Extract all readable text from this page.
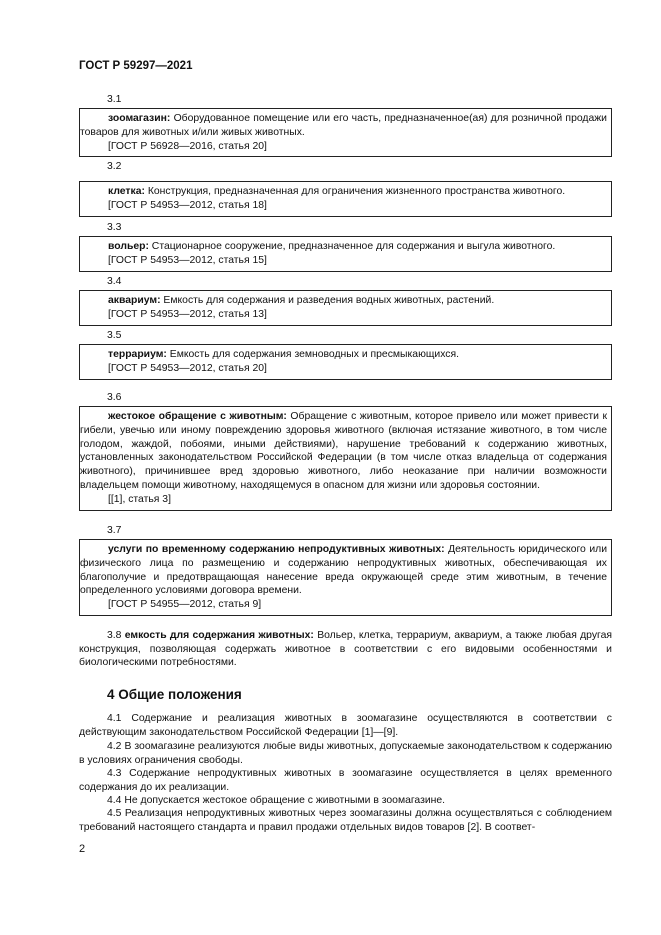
ГОСТ Р 59297—2021
3.1

зоомагазин: Оборудованное помещение или его часть, предназначенное(ая) для розничной продажи товаров для животных и/или живых животных.

[ГОСТ Р 56928—2016, статья 20]

3.2

клетка: Конструкция, предназначенная для ограничения жизненного пространства животного.

[ГОСТ Р 54953—2012, статья 18]

3.3

вольер: Стационарное сооружение, предназначенное для содержания и выгула животного.

[ГОСТ Р 54953—2012, статья 15]

3.4

аквариум: Емкость для содержания и разведения водных животных, растений.

[ГОСТ Р 54953—2012, статья 13]

3.5

террариум: Емкость для содержания земноводных и пресмыкающихся.

[ГОСТ Р 54953—2012, статья 20]

3.6

жестокое обращение с животным: Обращение с животным, которое привело или может привести к гибели, увечью или иному повреждению здоровья животного (включая истязание животного, в том числе голодом, жаждой, побоями, иными действиями), нарушение требований к содержанию животных, установленных законодательством Российской Федерации (в том числе отказ владельца от содержания животного), причинившее вред здоровью животного, либо неоказание при наличии возможности владельцем помощи животному, находящемуся в опасном для жизни или здоровья состоянии.

[[1], статья 3]

3.7

услуги по временному содержанию непродуктивных животных: Деятельность юридического или физического лица по размещению и содержанию непродуктивных животных, обеспечивающая их благополучие и предотвращающая нанесение вреда окружающей среде этим животным, в течение определенного условиями договора времени.

[ГОСТ Р 54955—2012, статья 9]

3.8 емкость для содержания животных: Вольер, клетка, террариум, аквариум, а также любая другая конструкция, позволяющая содержать животное в соответствии с его видовыми особенностями и биологическими потребностями.

4 Общие положения

4.1 Содержание и реализация животных в зоомагазине осуществляются в соответствии с действующим законодательством Российской Федерации [1]—[9].

4.2 В зоомагазине реализуются любые виды животных, допускаемые законодательством к содержанию в условиях ограничения свободы.

4.3 Содержание непродуктивных животных в зоомагазине осуществляется в целях временного содержания до их реализации.

4.4 Не допускается жестокое обращение с животными в зоомагазине.

4.5 Реализация непродуктивных животных через зоомагазины должна осуществляться с соблюдением требований настоящего стандарта и правил продажи отдельных видов товаров [2]. В соответ-

2
